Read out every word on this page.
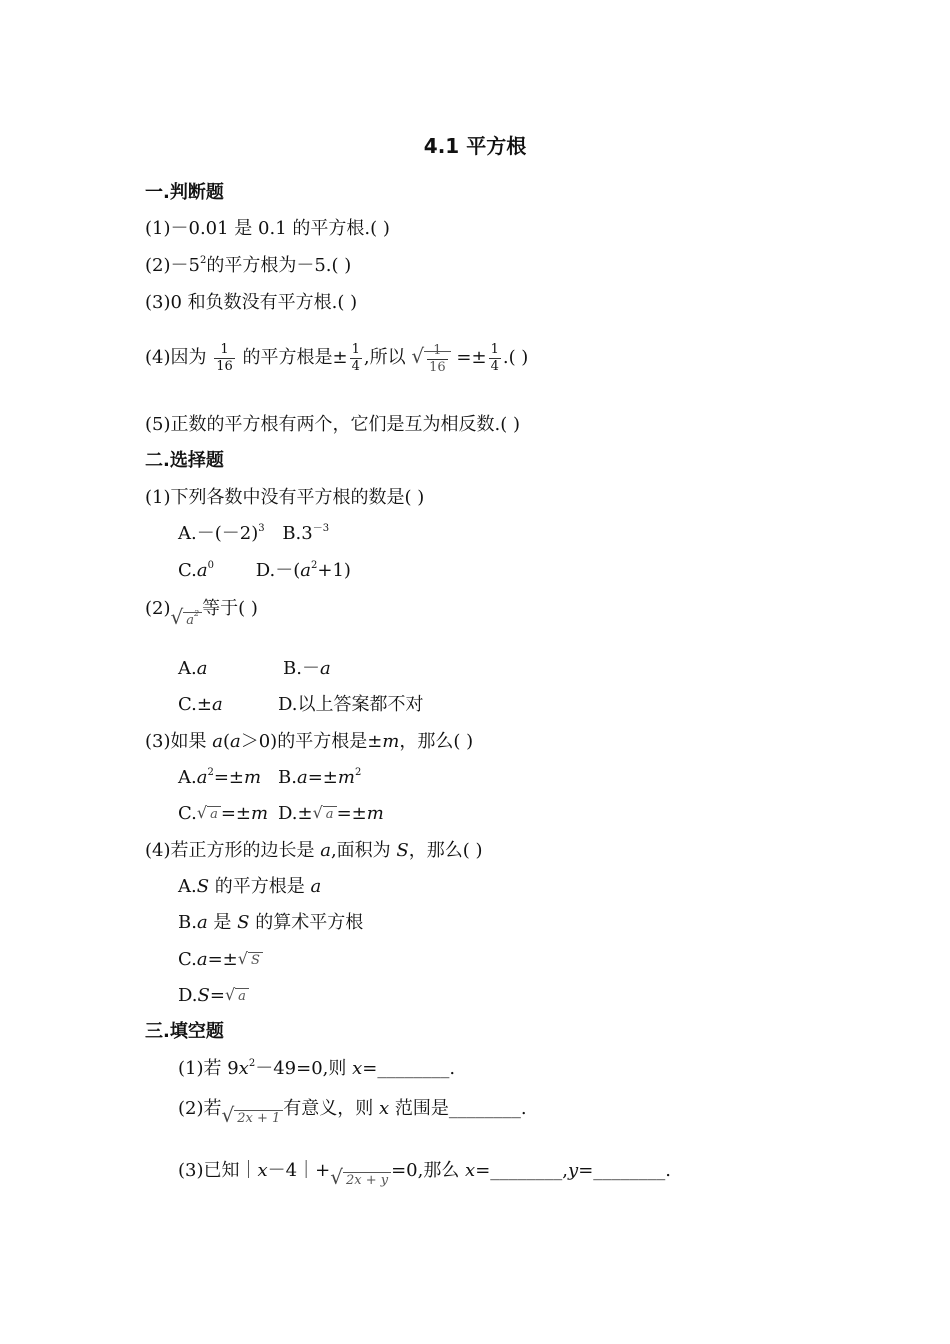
4.1 平方根
一.判断题
(1)－0.01 是 0.1 的平方根.( )
$(2)-5^2$的平方根为－5.( )
(3)0 和负数没有平方根.( )
(4)因为 $\frac{1}{16}$ 的平方根是± $\frac{1}{4}$ ,所以 √ $\frac{1}{16} =\pm \frac{1}{4}$ .( )
(5)正数的平方根有两个，它们是互为相反数.( )
二.选择题
(1)下列各数中没有平方根的数是( )
$A.-(-2)^3$ $B.3^{-3}$
$C.a^0$ $D.-(a^2+1)$
(2)√ $a^2$ 等于( )
A.a	B.－a
C.±a	D.以上答案都不对
(3)如果 a(a＞0)的平方根是±m，那么( )
$A.a^2=\pm m$ $B.a=\pm m^2$
C.√ a =±m D.±√ a =±m
(4)若正方形的边长是 a,面积为 S，那么( )
A.S 的平方根是 a
B.a 是 S 的算术平方根
C.a=±√ S
D.S=√ a
三.填空题
(1)若 $9x^2-49=0$,则 x=________.
(2)若√ 2x + 1 有意义，则 x 范围是________.
(3)已知｜x－4｜+√ 2x + y =0,那么 x=________,y=________.
